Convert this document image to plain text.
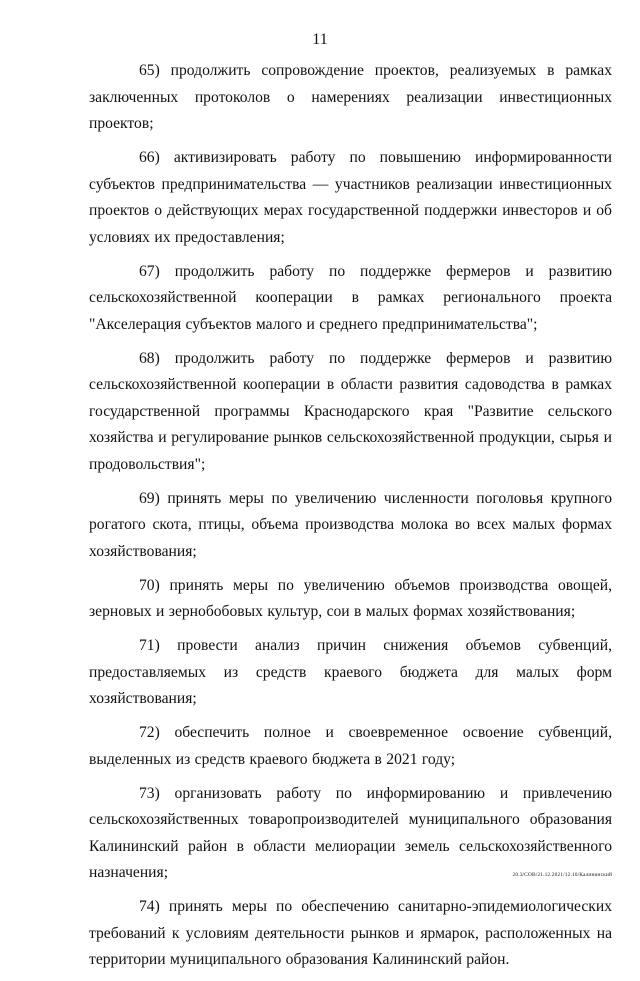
11

65) продолжить сопровождение проектов, реализуемых в рамках заключенных протоколов о намерениях реализации инвестиционных проектов;

66) активизировать работу по повышению информированности субъектов предпринимательства — участников реализации инвестиционных проектов о действующих мерах государственной поддержки инвесторов и об условиях их предоставления;

67) продолжить работу по поддержке фермеров и развитию сельскохозяйственной кооперации в рамках регионального проекта "Акселерация субъектов малого и среднего предпринимательства";

68) продолжить работу по поддержке фермеров и развитию сельскохозяйственной кооперации в области развития садоводства в рамках государственной программы Краснодарского края "Развитие сельского хозяйства и регулирование рынков сельскохозяйственной продукции, сырья и продовольствия";

69) принять меры по увеличению численности поголовья крупного рогатого скота, птицы, объема производства молока во всех малых формах хозяйствования;

70) принять меры по увеличению объемов производства овощей, зерновых и зернобобовых культур, сои в малых формах хозяйствования;

71) провести анализ причин снижения объемов субвенций, предоставляемых из средств краевого бюджета для малых форм хозяйствования;

72) обеспечить полное и своевременное освоение субвенций, выделенных из средств краевого бюджета в 2021 году;

73) организовать работу по информированию и привлечению сельскохозяйственных товаропроизводителей муниципального образования Калининский район в области мелиорации земель сельскохозяйственного назначения;

74) принять меры по обеспечению санитарно-эпидемиологических требований к условиям деятельности рынков и ярмарок, расположенных на территории муниципального образования Калининский район.

20.3/СОВ/21.12.2021/12.10/Калининский
